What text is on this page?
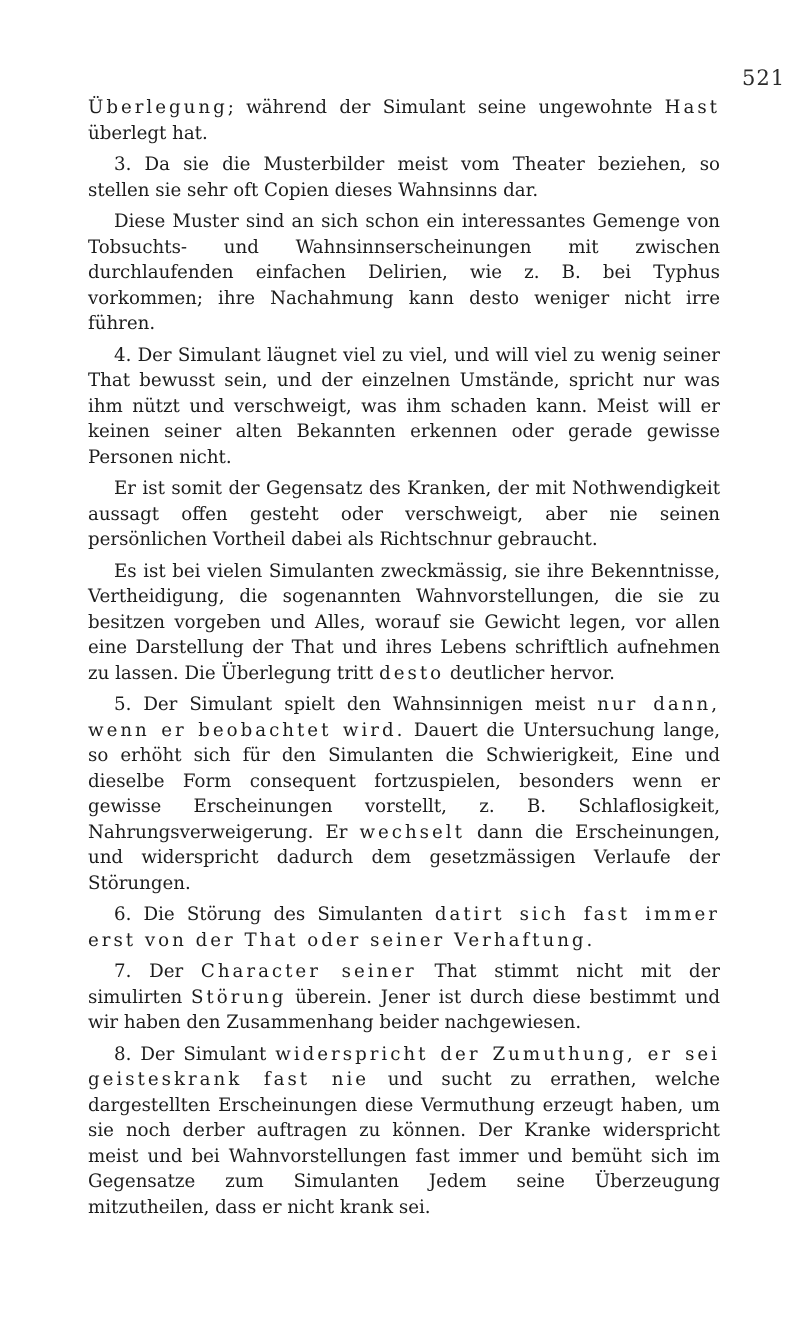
521

Überlegung; während der Simulant seine ungewohnte Hast überlegt hat.

3. Da sie die Musterbilder meist vom Theater beziehen, so stellen sie sehr oft Copien dieses Wahnsinns dar.

Diese Muster sind an sich schon ein interessantes Gemenge von Tobsuchts- und Wahnsinnserscheinungen mit zwischen durchlaufenden einfachen Delirien, wie z. B. bei Typhus vorkommen; ihre Nachahmung kann desto weniger nicht irre führen.

4. Der Simulant läugnet viel zu viel, und will viel zu wenig seiner That bewusst sein, und der einzelnen Umstände, spricht nur was ihm nützt und verschweigt, was ihm schaden kann. Meist will er keinen seiner alten Bekannten erkennen oder gerade gewisse Personen nicht.

Er ist somit der Gegensatz des Kranken, der mit Nothwendigkeit aussagt offen gesteht oder verschweigt, aber nie seinen persönlichen Vortheil dabei als Richtschnur gebraucht.

Es ist bei vielen Simulanten zweckmässig, sie ihre Bekenntnisse, Vertheidigung, die sogenannten Wahnvorstellungen, die sie zu besitzen vorgeben und Alles, worauf sie Gewicht legen, vor allen eine Darstellung der That und ihres Lebens schriftlich aufnehmen zu lassen. Die Überlegung tritt desto deutlicher hervor.

5. Der Simulant spielt den Wahnsinnigen meist nur dann, wenn er beobachtet wird. Dauert die Untersuchung lange, so erhöht sich für den Simulanten die Schwierigkeit, Eine und dieselbe Form consequent fortzuspielen, besonders wenn er gewisse Erscheinungen vorstellt, z. B. Schlaflosigkeit, Nahrungsverweigerung. Er wechselt dann die Erscheinungen, und widerspricht dadurch dem gesetzmässigen Verlaufe der Störungen.

6. Die Störung des Simulanten datirt sich fast immer erst von der That oder seiner Verhaftung.

7. Der Character seiner That stimmt nicht mit der simulirten Störung überein. Jener ist durch diese bestimmt und wir haben den Zusammenhang beider nachgewiesen.

8. Der Simulant widerspricht der Zumuthung, er sei geisteskrank fast nie und sucht zu errathen, welche dargestellten Erscheinungen diese Vermuthung erzeugt haben, um sie noch derber auftragen zu können. Der Kranke widerspricht meist und bei Wahnvorstellungen fast immer und bemüht sich im Gegensatze zum Simulanten Jedem seine Überzeugung mitzutheilen, dass er nicht krank sei.
